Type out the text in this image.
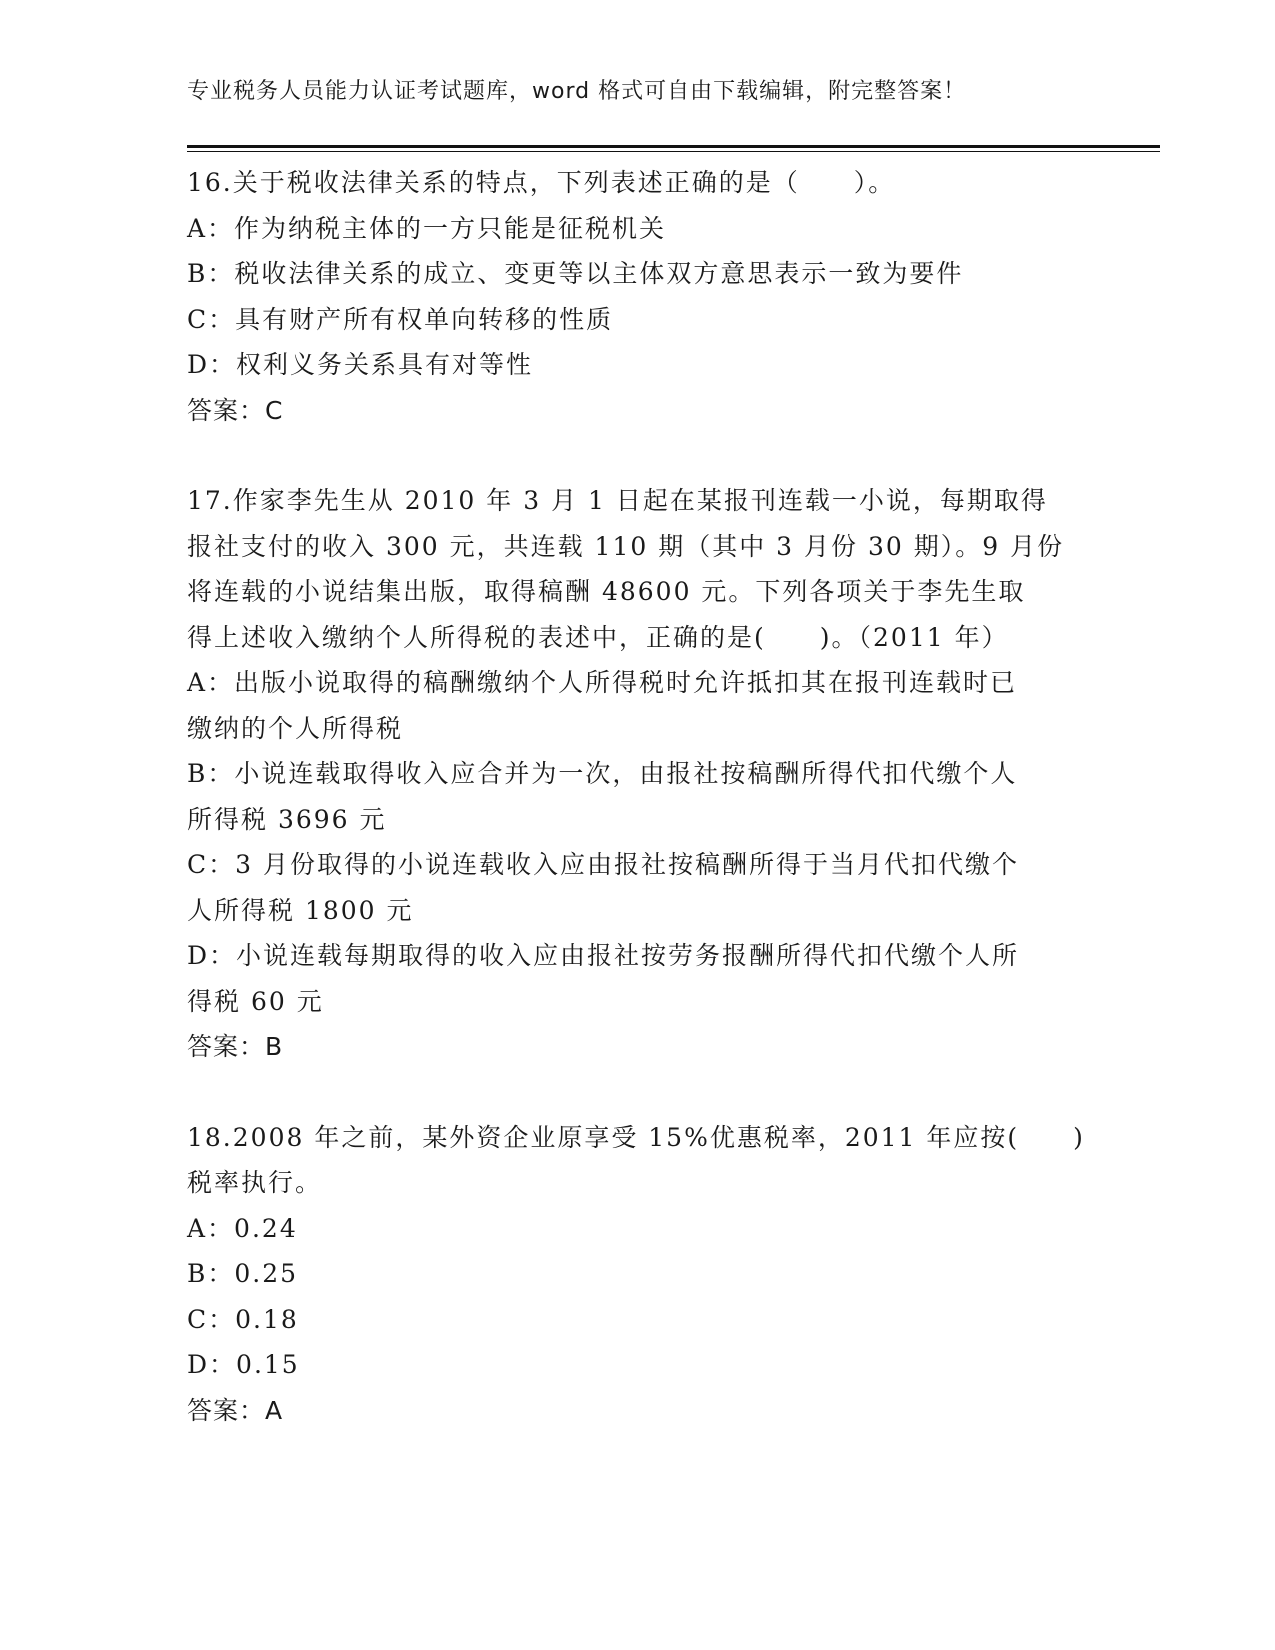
专业税务人员能力认证考试题库，word 格式可自由下载编辑，附完整答案！

16.关于税收法律关系的特点，下列表述正确的是（　　）。

A：作为纳税主体的一方只能是征税机关

B：税收法律关系的成立、变更等以主体双方意思表示一致为要件

C：具有财产所有权单向转移的性质

D：权利义务关系具有对等性

答案：C

17.作家李先生从 2010 年 3 月 1 日起在某报刊连载一小说，每期取得

报社支付的收入 300 元，共连载 110 期（其中 3 月份 30 期）。9 月份

将连载的小说结集出版，取得稿酬 48600 元。下列各项关于李先生取

得上述收入缴纳个人所得税的表述中，正确的是(　　)。（2011 年）

A：出版小说取得的稿酬缴纳个人所得税时允许抵扣其在报刊连载时已

缴纳的个人所得税

B：小说连载取得收入应合并为一次，由报社按稿酬所得代扣代缴个人

所得税 3696 元

C：3 月份取得的小说连载收入应由报社按稿酬所得于当月代扣代缴个

人所得税 1800 元

D：小说连载每期取得的收入应由报社按劳务报酬所得代扣代缴个人所

得税 60 元

答案：B

18.2008 年之前，某外资企业原享受 15%优惠税率，2011 年应按(　　)

税率执行。

A：0.24

B：0.25

C：0.18

D：0.15

答案：A
